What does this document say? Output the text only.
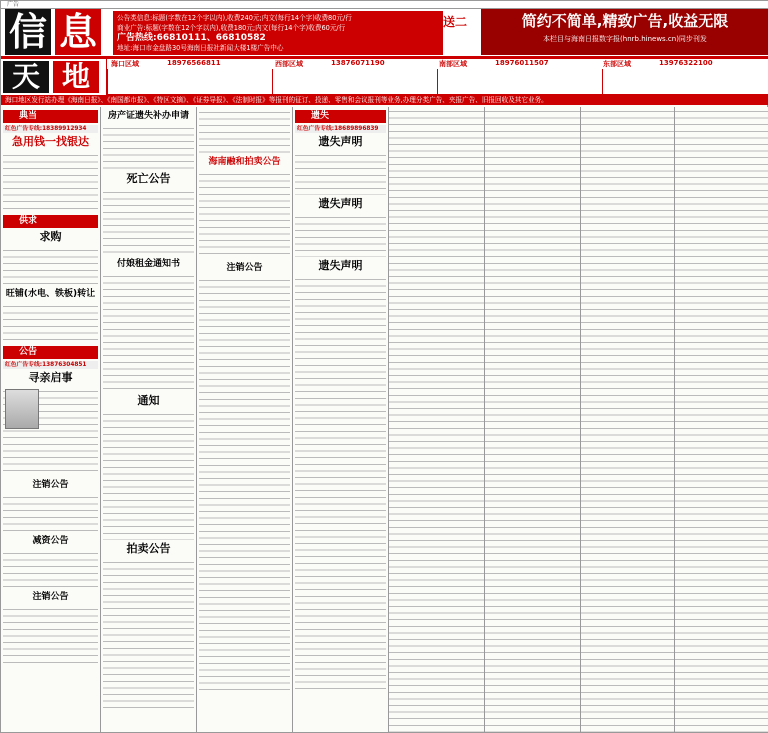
广告
信 息	公告类信息:标题(字数在12个字以内),收费240元;内文(每行14个字)收费80元/行
商业广告:标题(字数在12个字以内),收费180元;内文(每行14个字)收费60元/行
广告热线:66810111、66810582
地址:海口市金盘路30号海南日报社新闻大楼1楼广告中心
买五送二	简约不简单,精致广告,收益无限
本栏目与海南日报数字报(hnrb.hinews.cn)同步刊发
天 地	海口区域	18976566811	西部区域	13876071190	南部区域	18976011507	东部区域	13976322100
海口地区发行站办理《海南日报》、《南国都市报》、《特区文摘》、《证券导报》、《法制时报》等报刊的征订、投递、零售和会议报刊等业务,办理分类广告、夹报广告、旧报回收及其它业务。
典当
红色广告专线:18389912934
急用钱一找银达
供求
求购
旺铺(水电、铁板)转让
公告
红色广告专线:13876304851
寻亲启事
注销公告
减资公告
注销公告
房产证遗失补办申请
死亡公告
付娘租金通知书
通知
拍卖公告
海南融和拍卖公告
注销公告
遗失
红色广告专线:18689896839
遗失声明
遗失声明
遗失声明
